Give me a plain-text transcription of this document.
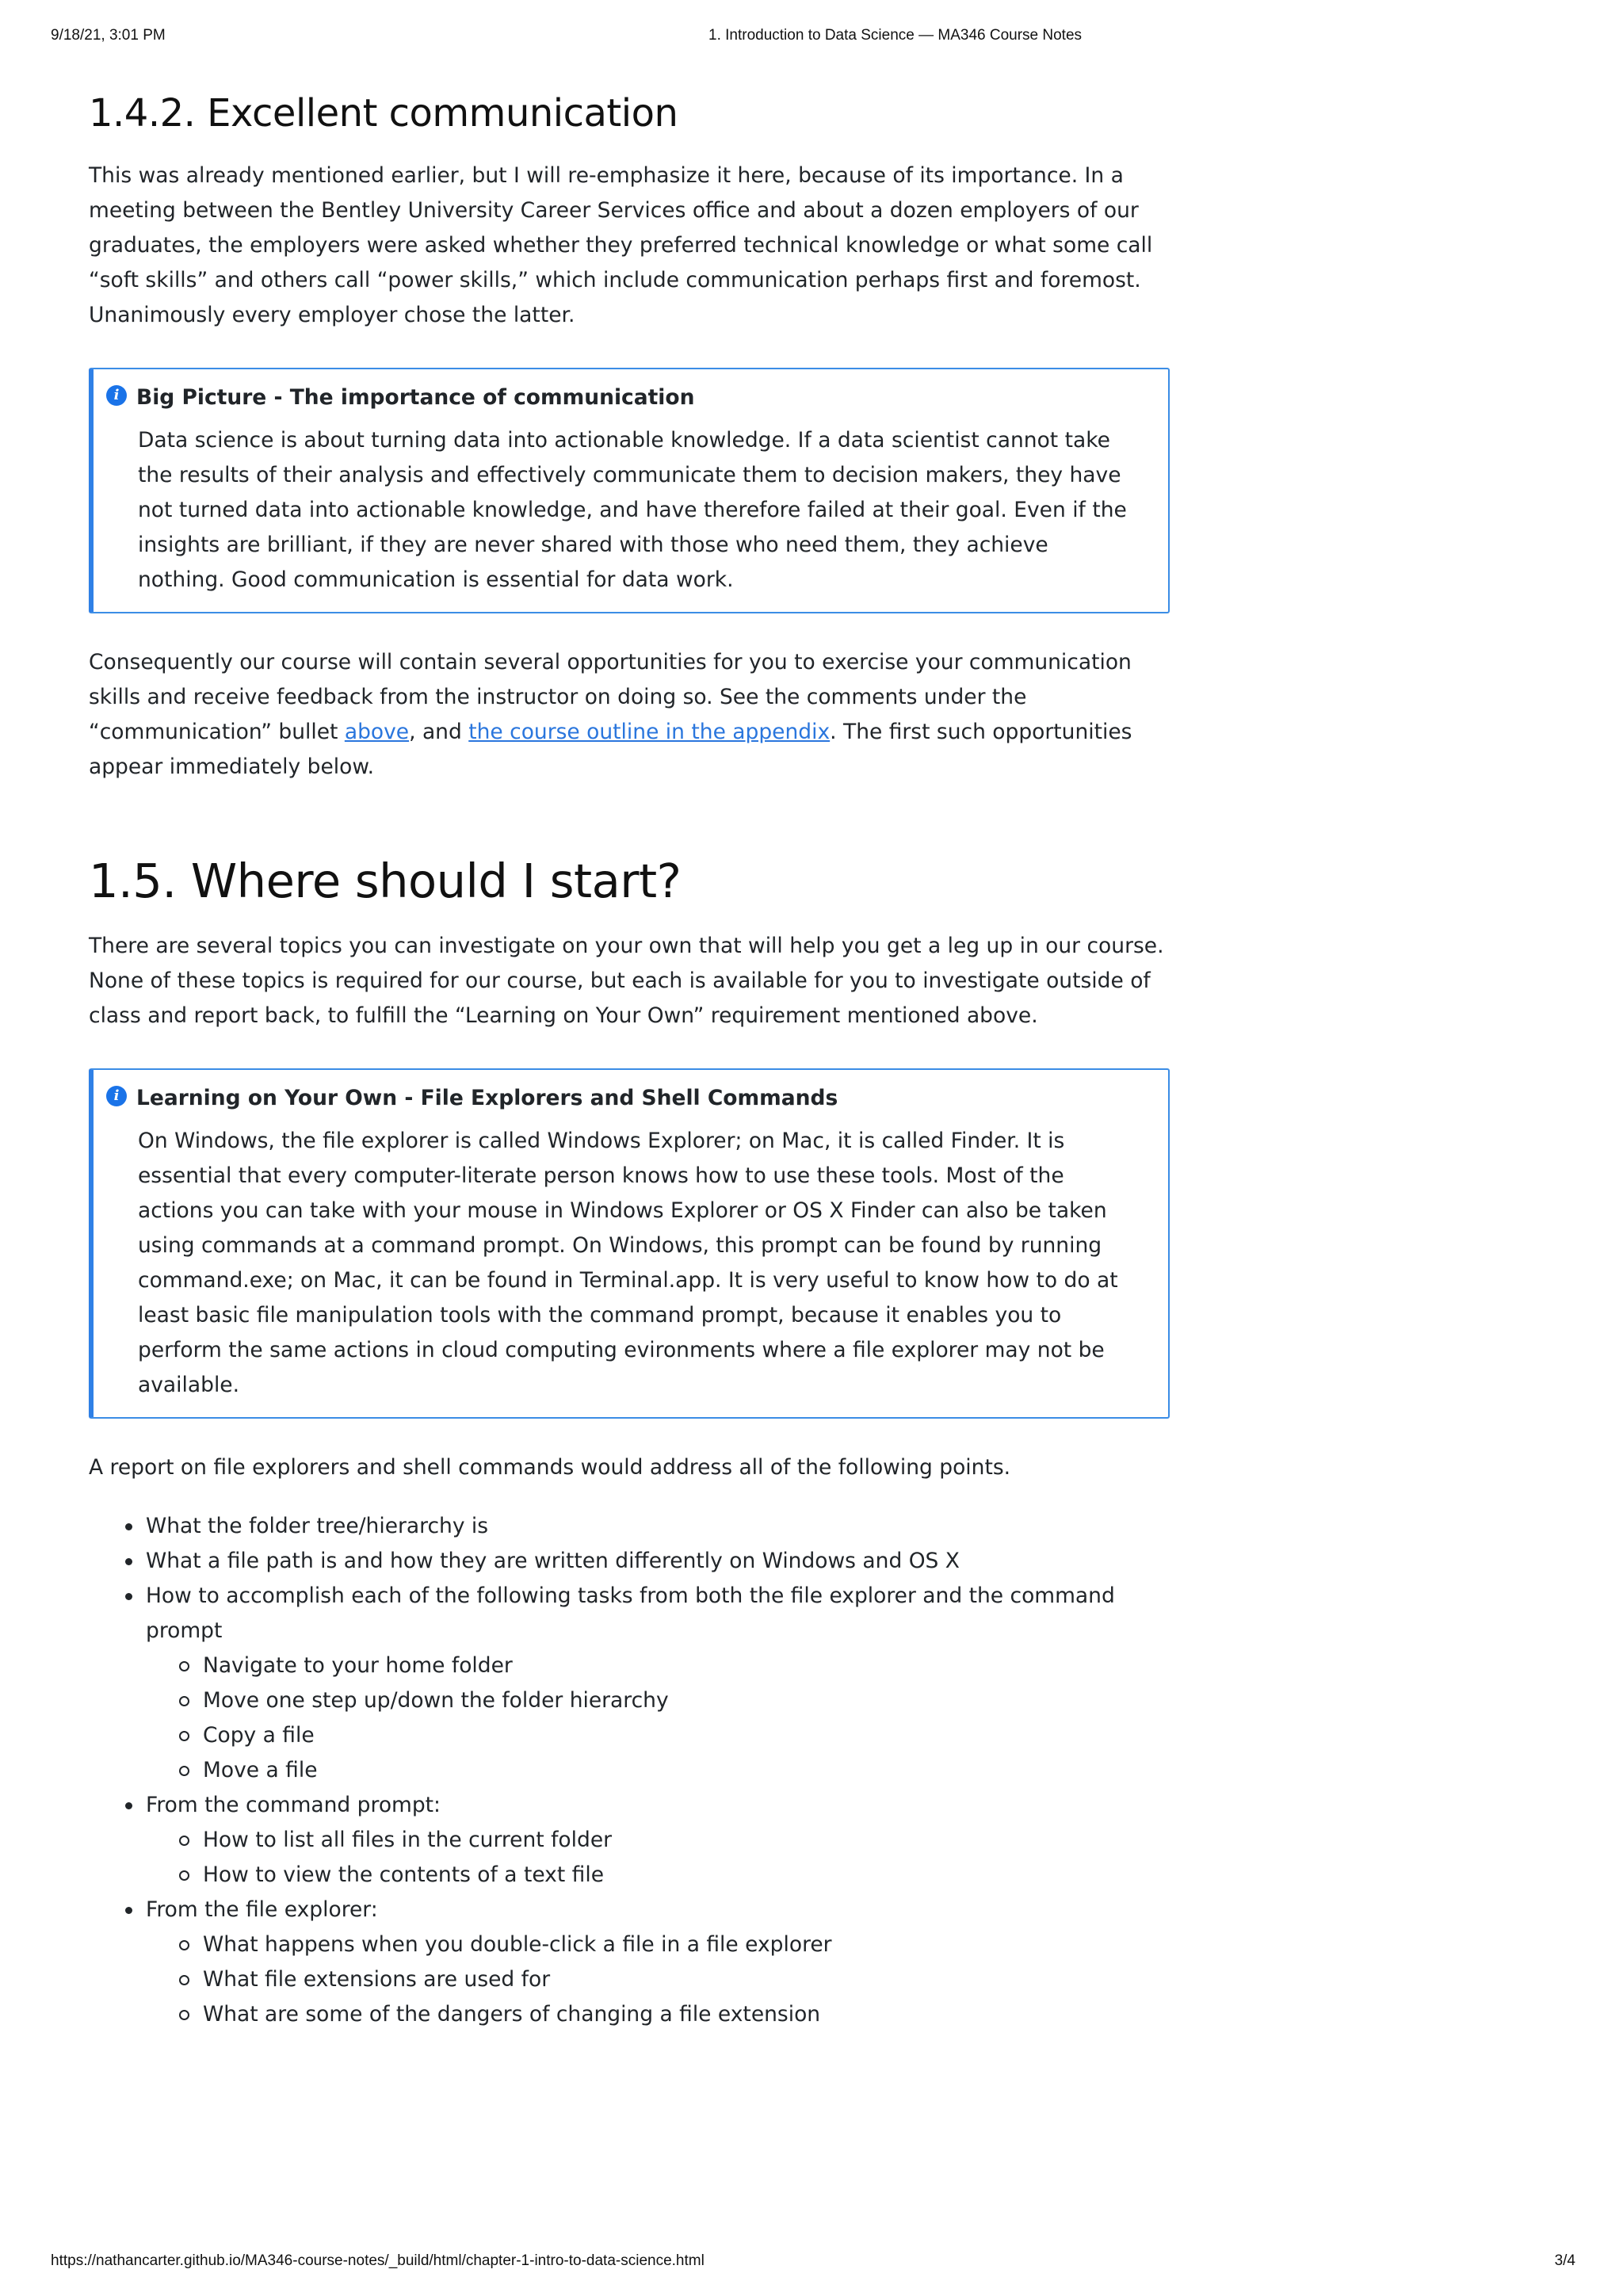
9/18/21, 3:01 PM	1. Introduction to Data Science — MA346 Course Notes
1.4.2. Excellent communication

This was already mentioned earlier, but I will re-emphasize it here, because of its importance. In a meeting between the Bentley University Career Services office and about a dozen employers of our graduates, the employers were asked whether they preferred technical knowledge or what some call “soft skills” and others call “power skills,” which include communication perhaps first and foremost. Unanimously every employer chose the latter.

i Big Picture - The importance of communication
Data science is about turning data into actionable knowledge. If a data scientist cannot take the results of their analysis and effectively communicate them to decision makers, they have not turned data into actionable knowledge, and have therefore failed at their goal. Even if the insights are brilliant, if they are never shared with those who need them, they achieve nothing. Good communication is essential for data work.

Consequently our course will contain several opportunities for you to exercise your communication skills and receive feedback from the instructor on doing so. See the comments under the “communication” bullet above, and the course outline in the appendix. The first such opportunities appear immediately below.

1.5. Where should I start?

There are several topics you can investigate on your own that will help you get a leg up in our course. None of these topics is required for our course, but each is available for you to investigate outside of class and report back, to fulfill the “Learning on Your Own” requirement mentioned above.

i Learning on Your Own - File Explorers and Shell Commands
On Windows, the file explorer is called Windows Explorer; on Mac, it is called Finder. It is essential that every computer-literate person knows how to use these tools. Most of the actions you can take with your mouse in Windows Explorer or OS X Finder can also be taken using commands at a command prompt. On Windows, this prompt can be found by running command.exe; on Mac, it can be found in Terminal.app. It is very useful to know how to do at least basic file manipulation tools with the command prompt, because it enables you to perform the same actions in cloud computing evironments where a file explorer may not be available.

A report on file explorers and shell commands would address all of the following points.

What the folder tree/hierarchy is
What a file path is and how they are written differently on Windows and OS X
How to accomplish each of the following tasks from both the file explorer and the command prompt
Navigate to your home folder
Move one step up/down the folder hierarchy
Copy a file
Move a file
From the command prompt:
How to list all files in the current folder
How to view the contents of a text file
From the file explorer:
What happens when you double-click a file in a file explorer
What file extensions are used for
What are some of the dangers of changing a file extension
https://nathancarter.github.io/MA346-course-notes/_build/html/chapter-1-intro-to-data-science.html	3/4
